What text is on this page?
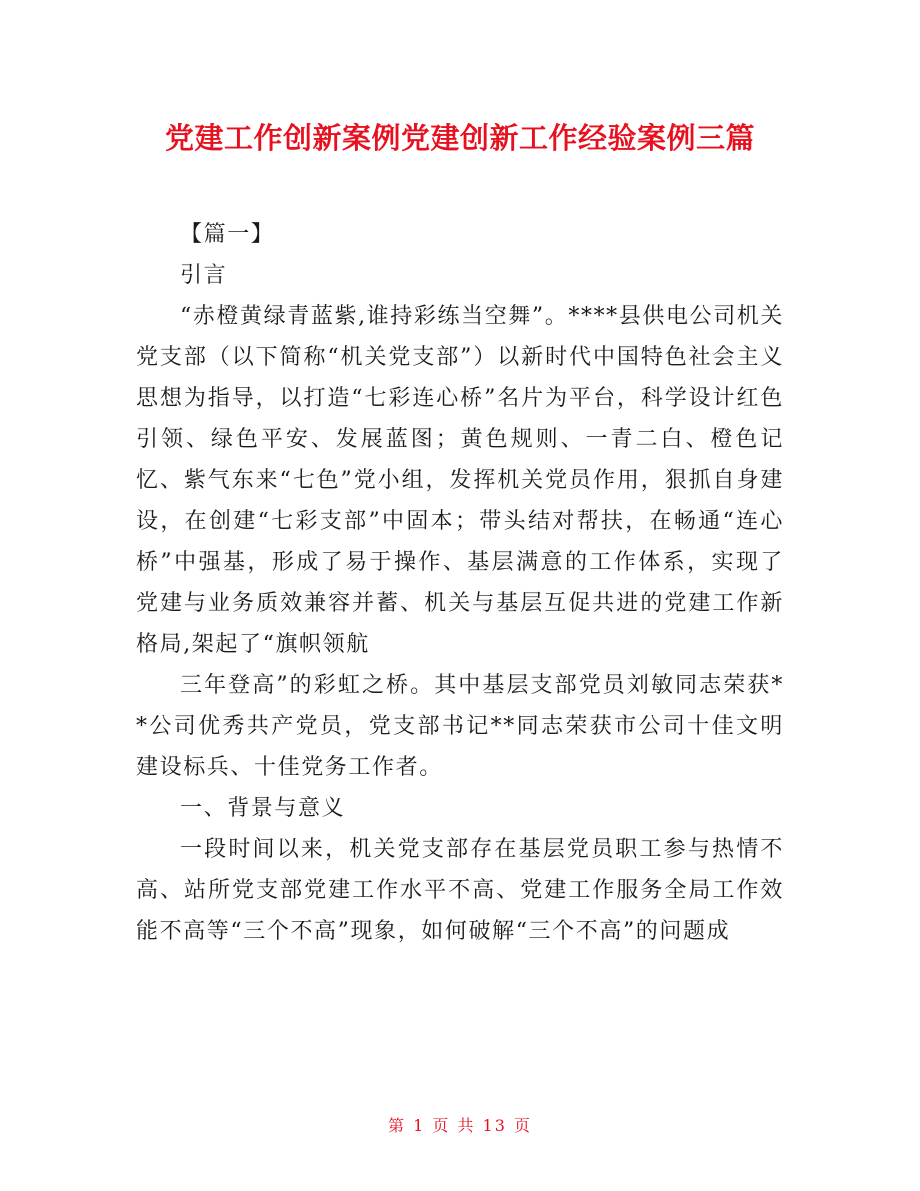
党建工作创新案例党建创新工作经验案例三篇

【篇一】

引言

“赤橙黄绿青蓝紫,谁持彩练当空舞”。****县供电公司机关党支部（以下简称“机关党支部”）以新时代中国特色社会主义思想为指导，以打造“七彩连心桥”名片为平台，科学设计红色引领、绿色平安、发展蓝图；黄色规则、一青二白、橙色记忆、紫气东来“七色”党小组，发挥机关党员作用，狠抓自身建设，在创建“七彩支部”中固本；带头结对帮扶，在畅通“连心桥”中强基，形成了易于操作、基层满意的工作体系，实现了党建与业务质效兼容并蓄、机关与基层互促共进的党建工作新格局,架起了“旗帜领航

三年登高”的彩虹之桥。其中基层支部党员刘敏同志荣获**公司优秀共产党员，党支部书记**同志荣获市公司十佳文明建设标兵、十佳党务工作者。

一、背景与意义

一段时间以来，机关党支部存在基层党员职工参与热情不高、站所党支部党建工作水平不高、党建工作服务全局工作效能不高等“三个不高”现象，如何破解“三个不高”的问题成

第 1 页 共 13 页
